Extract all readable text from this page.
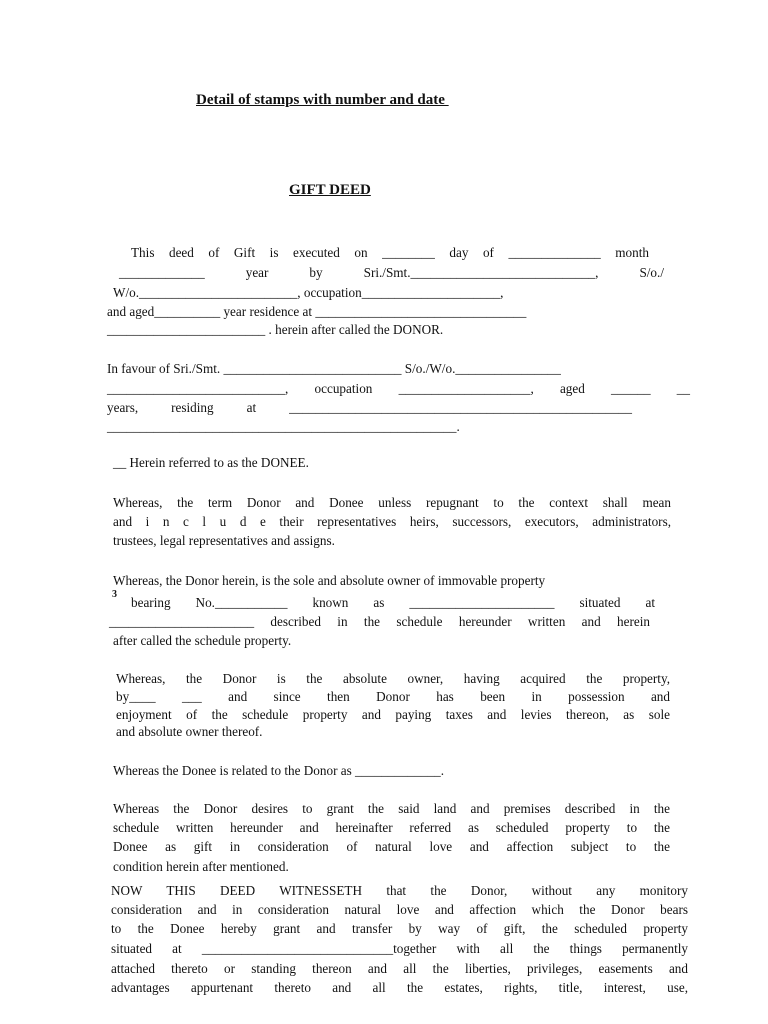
Detail of stamps with number and date
GIFT DEED
This deed of Gift is executed on ________ day of ______________ month
_____________ year by Sri./Smt.____________________________, S/o./
W/o.________________________, occupation_____________________,
and aged__________ year residence at ________________________________
________________________ . herein after called the DONOR.
In favour of Sri./Smt. ___________________________ S/o./W/o.________________
___________________________, occupation ____________________, aged ______ __
years, residing at ____________________________________________________
_____________________________________________________.
__ Herein referred to as the DONEE.
Whereas, the term Donor and Donee unless repugnant to the context shall mean
and i n c l u d e their representatives heirs, successors, executors, administrators,
trustees, legal representatives and assigns.
Whereas, the Donor herein, is the sole and absolute owner of immovable property
3
bearing No.___________ known as ______________________ situated at
______________________ described in the schedule hereunder written and herein
after called the schedule property.
Whereas, the Donor is the absolute owner, having acquired the property,
by____ ___ and since then Donor has been in possession and
enjoyment of the schedule property and paying taxes and levies thereon, as sole
and absolute owner thereof.
Whereas the Donee is related to the Donor as _____________.
Whereas the Donor desires to grant the said land and premises described in the
schedule written hereunder and hereinafter referred as scheduled property to the
Donee as gift in consideration of natural love and affection subject to the
condition herein after mentioned.
NOW THIS DEED WITNESSETH that the Donor, without any monitory
consideration and in consideration natural love and affection which the Donor bears
to the Donee hereby grant and transfer by way of gift, the scheduled property
situated at _____________________________together with all the things permanently
attached thereto or standing thereon and all the liberties, privileges, easements and
advantages appurtenant thereto and all the estates, rights, title, interest, use,
